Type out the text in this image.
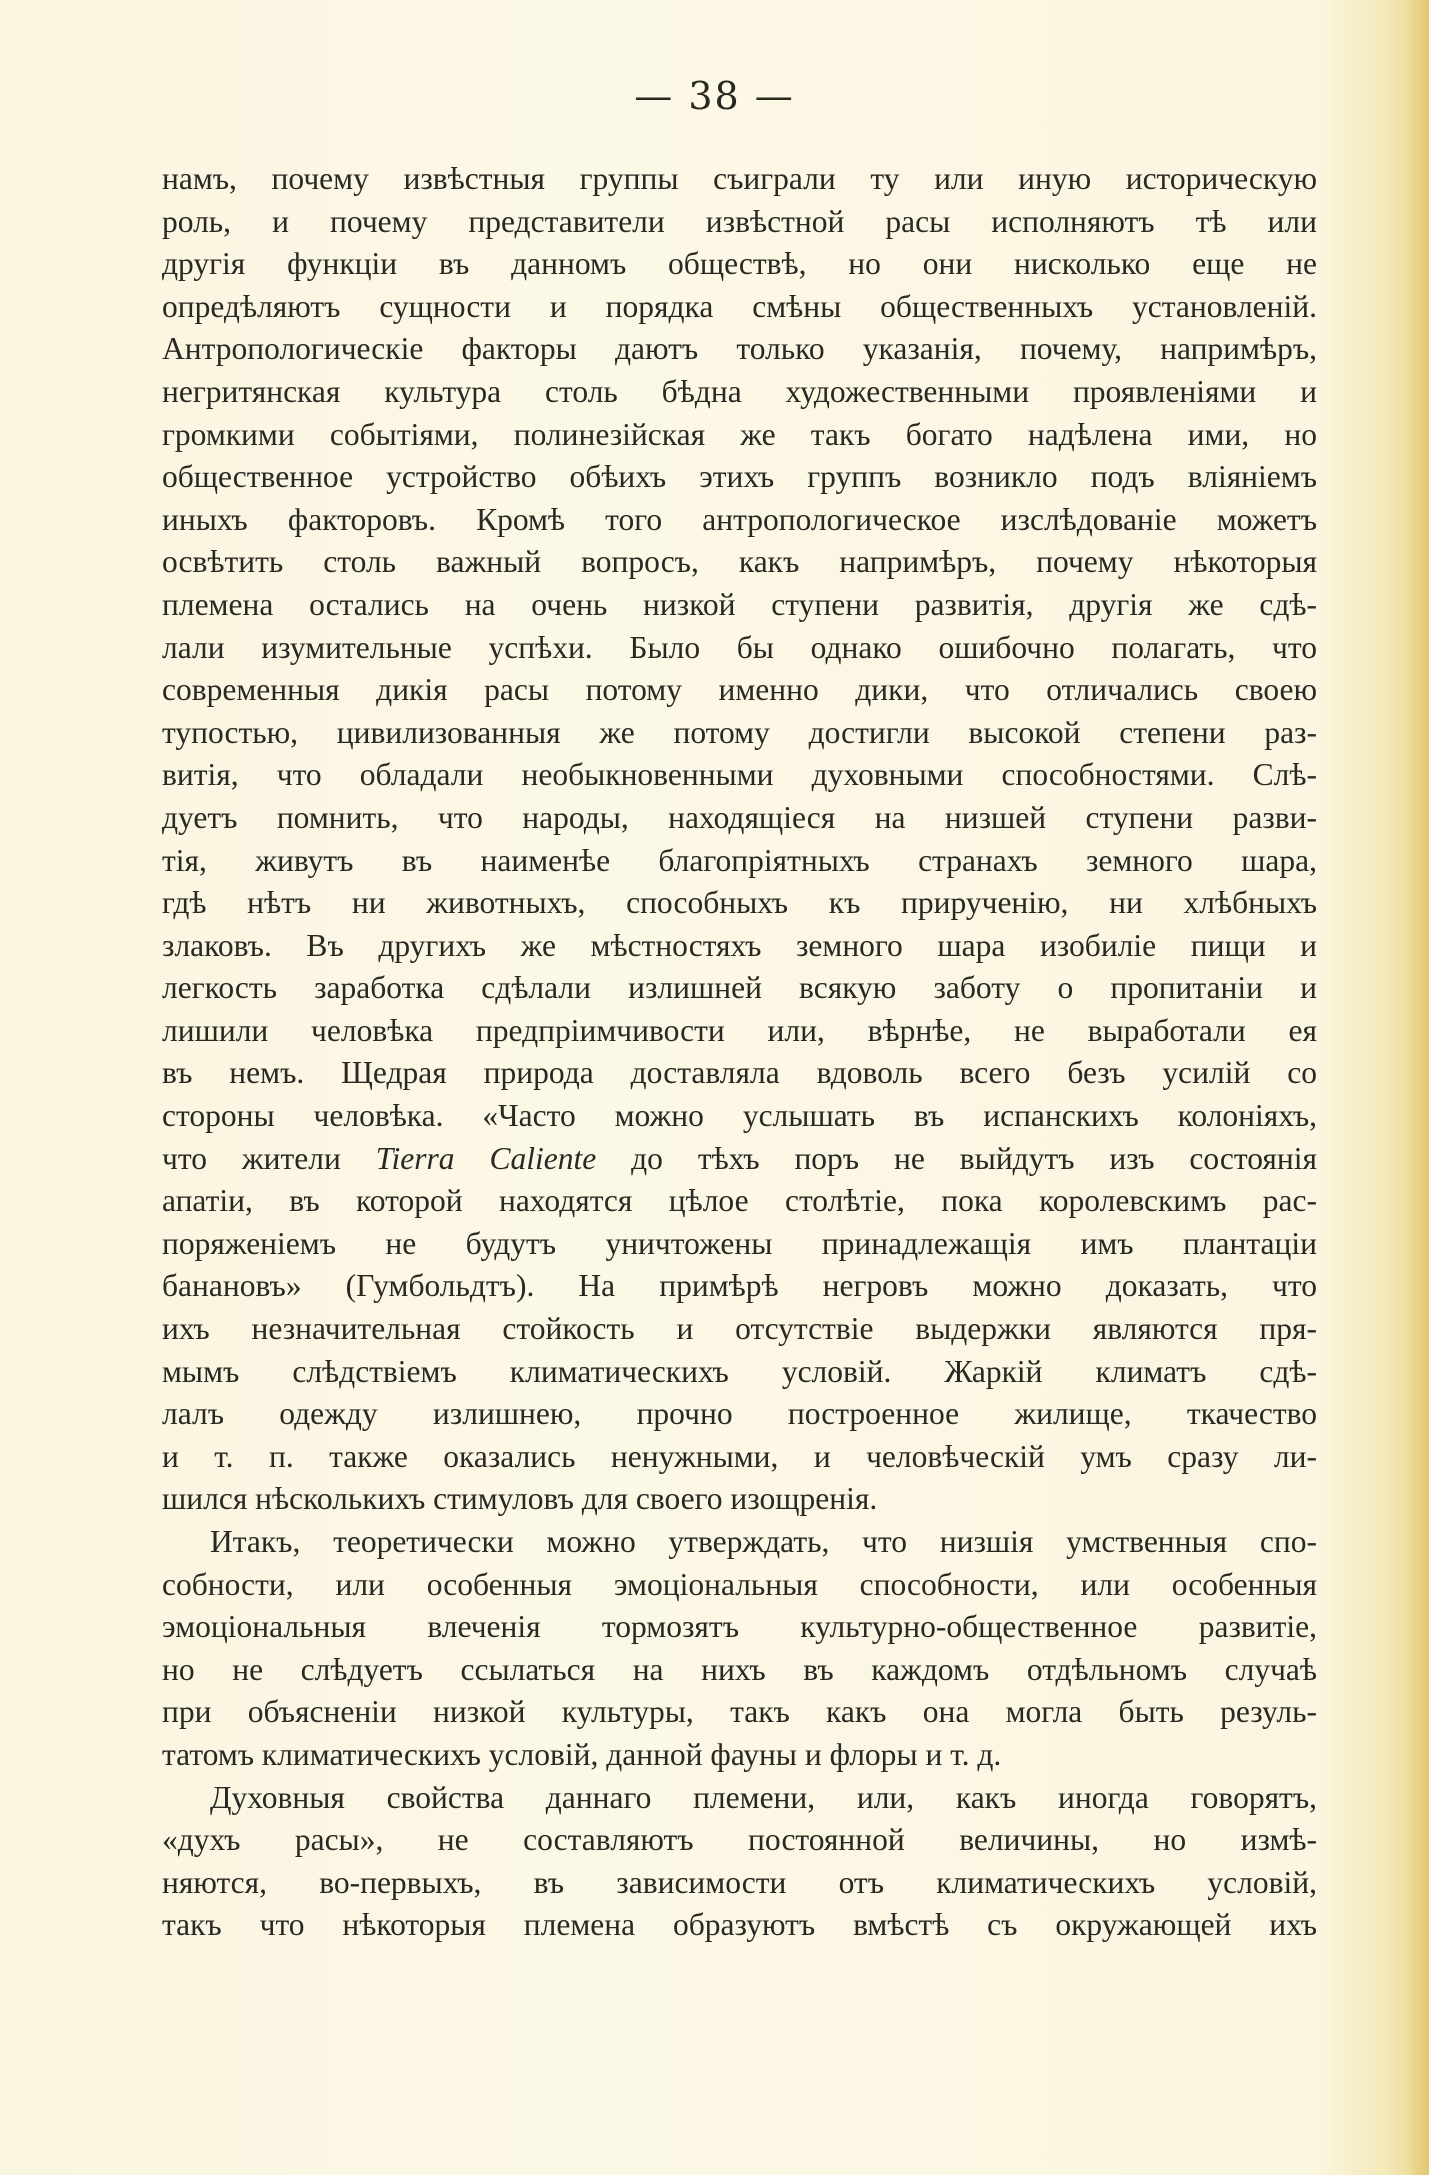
— 38 —
намъ, почему извѣстныя группы съиграли ту или иную историческую
роль, и почему представители извѣстной расы исполняютъ тѣ или
другія функціи въ данномъ обществѣ, но они нисколько еще не
опредѣляютъ сущности и порядка смѣны общественныхъ установленій.
Антропологическіе факторы даютъ только указанія, почему, напримѣръ,
негритянская культура столь бѣдна художественными проявленіями и
громкими событіями, полинезійская же такъ богато надѣлена ими, но
общественное устройство обѣихъ этихъ группъ возникло подъ вліяніемъ
иныхъ факторовъ. Кромѣ того антропологическое изслѣдованіе можетъ
освѣтить столь важный вопросъ, какъ напримѣръ, почему нѣкоторыя
племена остались на очень низкой ступени развитія, другія же сдѣ-
лали изумительные успѣхи. Было бы однако ошибочно полагать, что
современныя дикія расы потому именно дики, что отличались своею
тупостью, цивилизованныя же потому достигли высокой степени раз-
витія, что обладали необыкновенными духовными способностями. Слѣ-
дуетъ помнить, что народы, находящіеся на низшей ступени разви-
тія, живутъ въ наименѣе благопріятныхъ странахъ земного шара,
гдѣ нѣтъ ни животныхъ, способныхъ къ прирученію, ни хлѣбныхъ
злаковъ. Въ другихъ же мѣстностяхъ земного шара изобиліе пищи и
легкость заработка сдѣлали излишней всякую заботу о пропитаніи и
лишили человѣка предпріимчивости или, вѣрнѣе, не выработали ея
въ немъ. Щедрая природа доставляла вдоволь всего безъ усилій со
стороны человѣка. «Часто можно услышать въ испанскихъ колоніяхъ,
что жители Tierra Caliente до тѣхъ поръ не выйдутъ изъ состоянія
апатіи, въ которой находятся цѣлое столѣтіе, пока королевскимъ рас-
поряженіемъ не будутъ уничтожены принадлежащія имъ плантаціи
банановъ» (Гумбольдтъ). На примѣрѣ негровъ можно доказать, что
ихъ незначительная стойкость и отсутствіе выдержки являются пря-
мымъ слѣдствіемъ климатическихъ условій. Жаркій климатъ сдѣ-
лалъ одежду излишнею, прочно построенное жилище, ткачество
и т. п. также оказались ненужными, и человѣческій умъ сразу ли-
шился нѣсколькихъ стимуловъ для своего изощренія.
Итакъ, теоретически можно утверждать, что низшія умственныя спо-
собности, или особенныя эмоціональныя способности, или особенныя
эмоціональныя влеченія тормозятъ культурно-общественное развитіе,
но не слѣдуетъ ссылаться на нихъ въ каждомъ отдѣльномъ случаѣ
при объясненіи низкой культуры, такъ какъ она могла быть резуль-
татомъ климатическихъ условій, данной фауны и флоры и т. д.
Духовныя свойства даннаго племени, или, какъ иногда говорятъ,
«духъ расы», не составляютъ постоянной величины, но измѣ-
няются, во-первыхъ, въ зависимости отъ климатическихъ условій,
такъ что нѣкоторыя племена образуютъ вмѣстѣ съ окружающей ихъ
